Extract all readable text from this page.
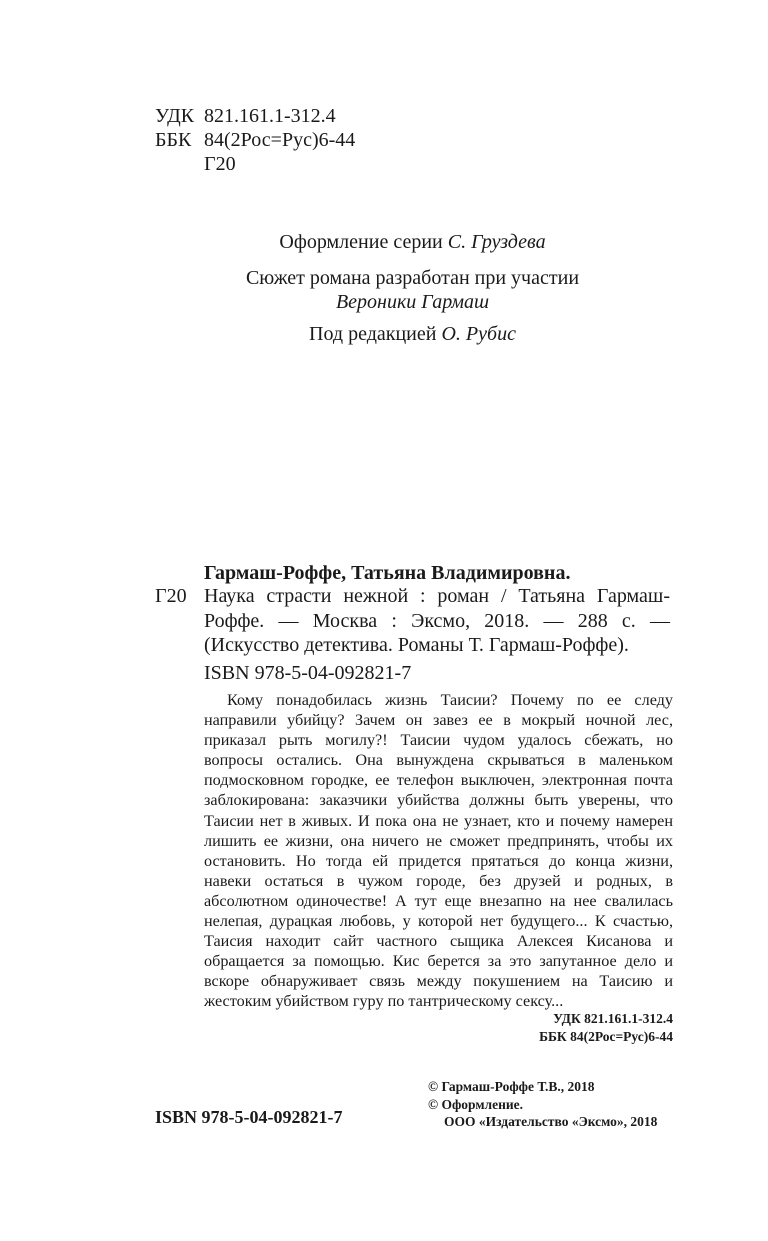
УДК 821.161.1-312.4
ББК 84(2Рос=Рус)6-44
Г20
Оформление серии С. Груздева
Сюжет романа разработан при участии
Вероники Гармаш
Под редакцией О. Рубис
Гармаш-Роффе, Татьяна Владимировна.
Г20 Наука страсти нежной : роман / Татьяна Гармаш-Роффе. — Москва : Эксмо, 2018. — 288 с. — (Искусство детектива. Романы Т. Гармаш-Роффе).
ISBN 978-5-04-092821-7

Кому понадобилась жизнь Таисии? Почему по ее следу направили убийцу? Зачем он завез ее в мокрый ночной лес, приказал рыть могилу?! Таисии чудом удалось сбежать, но вопросы остались. Она вынуждена скрываться в маленьком подмосковном городке, ее телефон выключен, электронная почта заблокирована: заказчики убийства должны быть уверены, что Таисии нет в живых. И пока она не узнает, кто и почему намерен лишить ее жизни, она ничего не сможет предпринять, чтобы их остановить. Но тогда ей придется прятаться до конца жизни, навеки остаться в чужом городе, без друзей и родных, в абсолютном одиночестве! А тут еще внезапно на нее свалилась нелепая, дурацкая любовь, у которой нет будущего... К счастью, Таисия находит сайт частного сыщика Алексея Кисанова и обращается за помощью. Кис берется за это запутанное дело и вскоре обнаруживает связь между покушением на Таисию и жестоким убийством гуру по тантрическому сексу...

УДК 821.161.1-312.4
ББК 84(2Рос=Рус)6-44
© Гармаш-Роффе Т.В., 2018
© Оформление.
ООО «Издательство «Эксмо», 2018
ISBN 978-5-04-092821-7
